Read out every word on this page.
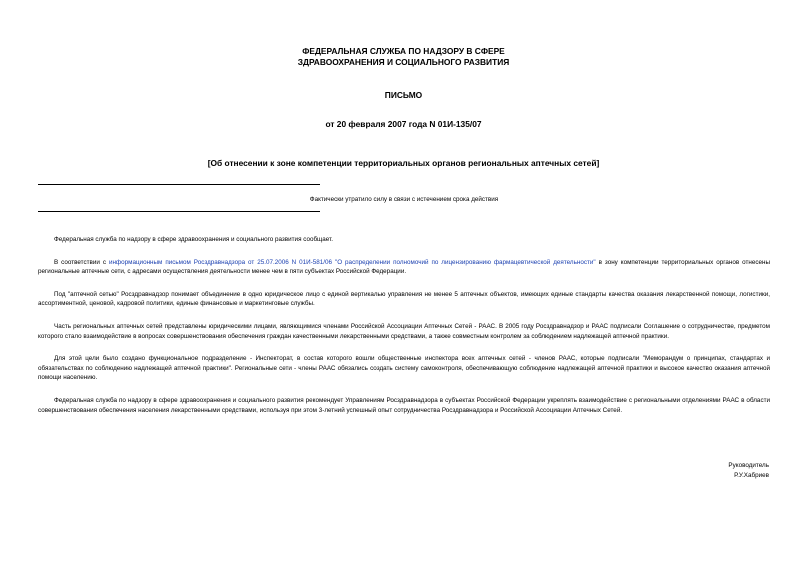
ФЕДЕРАЛЬНАЯ СЛУЖБА ПО НАДЗОРУ В СФЕРЕ
ЗДРАВООХРАНЕНИЯ И СОЦИАЛЬНОГО РАЗВИТИЯ
ПИСЬМО
от 20 февраля 2007 года N 01И-135/07
[Об отнесении к зоне компетенции территориальных органов региональных аптечных сетей]
Фактически утратило силу в связи с истечением срока действия

Федеральная служба по надзору в сфере здравоохранения и социального развития сообщает.

В соответствии с информационным письмом Росздравнадзора от 25.07.2006 N 01И-581/06 "О распределении полномочий по лицензированию фармацевтической деятельности" в зону компетенции территориальных органов отнесены региональные аптечные сети, с адресами осуществления деятельности менее чем в пяти субъектах Российской Федерации.

Под "аптечной сетью" Росздравнадзор понимает объединение в одно юридическое лицо с единой вертикалью управления не менее 5 аптечных объектов, имеющих единые стандарты качества оказания лекарственной помощи, логистики, ассортиментной, ценовой, кадровой политики, единые финансовые и маркетинговые службы.

Часть региональных аптечных сетей представлены юридическими лицами, являющимися членами Российской Ассоциации Аптечных Сетей - РААС. В 2005 году Росздравнадзор и РААС подписали Соглашение о сотрудничестве, предметом которого стало взаимодействие в вопросах совершенствования обеспечения граждан качественными лекарственными средствами, а также совместным контролем за соблюдением надлежащей аптечной практики.

Для этой цели было создано функциональное подразделение - Инспекторат, в состав которого вошли общественные инспектора всех аптечных сетей - членов РААС, которые подписали "Меморандум о принципах, стандартах и обязательствах по соблюдению надлежащей аптечной практики". Региональные сети - члены РААС обязались создать систему самоконтроля, обеспечивающую соблюдение надлежащей аптечной практики и высокое качество оказания аптечной помощи населению.

Федеральная служба по надзору в сфере здравоохранения и социального развития рекомендует Управлениям Росздравнадзора в субъектах Российской Федерации укреплять взаимодействие с региональными отделениями РААС в области совершенствования обеспечения населения лекарственными средствами, используя при этом 3-летний успешный опыт сотрудничества Росздравнадзора и Российской Ассоциации Аптечных Сетей.

Руководитель
Р.У.Хабриев
